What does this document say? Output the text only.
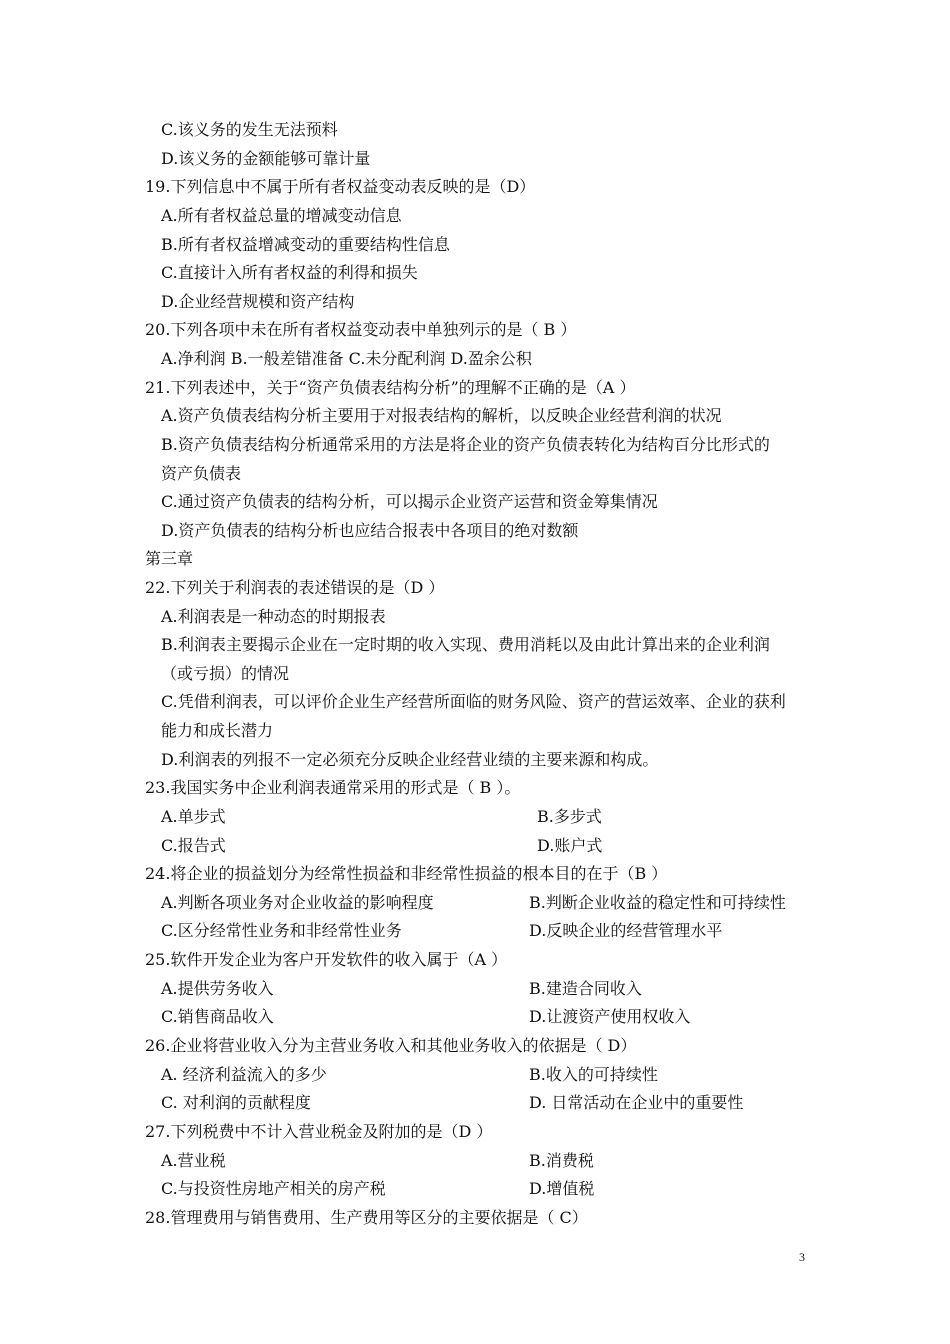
C.该义务的发生无法预料
D.该义务的金额能够可靠计量
19.下列信息中不属于所有者权益变动表反映的是（D）
A.所有者权益总量的增减变动信息
B.所有者权益增减变动的重要结构性信息
C.直接计入所有者权益的利得和损失
D.企业经营规模和资产结构
20.下列各项中未在所有者权益变动表中单独列示的是（ B ）
A.净利润 B.一般差错准备 C.未分配利润 D.盈余公积
21.下列表述中，关于“资产负债表结构分析”的理解不正确的是（A ）
A.资产负债表结构分析主要用于对报表结构的解析，以反映企业经营利润的状况
B.资产负债表结构分析通常采用的方法是将企业的资产负债表转化为结构百分比形式的
资产负债表
C.通过资产负债表的结构分析，可以揭示企业资产运营和资金筹集情况
D.资产负债表的结构分析也应结合报表中各项目的绝对数额
第三章
22.下列关于利润表的表述错误的是（D ）
A.利润表是一种动态的时期报表
B.利润表主要揭示企业在一定时期的收入实现、费用消耗以及由此计算出来的企业利润
（或亏损）的情况
C.凭借利润表，可以评价企业生产经营所面临的财务风险、资产的营运效率、企业的获利
能力和成长潜力
D.利润表的列报不一定必须充分反映企业经营业绩的主要来源和构成。
23.我国实务中企业利润表通常采用的形式是（ B ）。
A.单步式	B.多步式
C.报告式	D.账户式
24.将企业的损益划分为经常性损益和非经常性损益的根本目的在于（B ）
A.判断各项业务对企业收益的影响程度	B.判断企业收益的稳定性和可持续性
C.区分经常性业务和非经常性业务	D.反映企业的经营管理水平
25.软件开发企业为客户开发软件的收入属于（A ）
A.提供劳务收入	B.建造合同收入
C.销售商品收入	D.让渡资产使用权收入
26.企业将营业收入分为主营业务收入和其他业务收入的依据是（ D）
A. 经济利益流入的多少	B.收入的可持续性
C. 对利润的贡献程度	D. 日常活动在企业中的重要性
27.下列税费中不计入营业税金及附加的是（D ）
A.营业税	B.消费税
C.与投资性房地产相关的房产税	D.增值税
28.管理费用与销售费用、生产费用等区分的主要依据是（ C）
3
